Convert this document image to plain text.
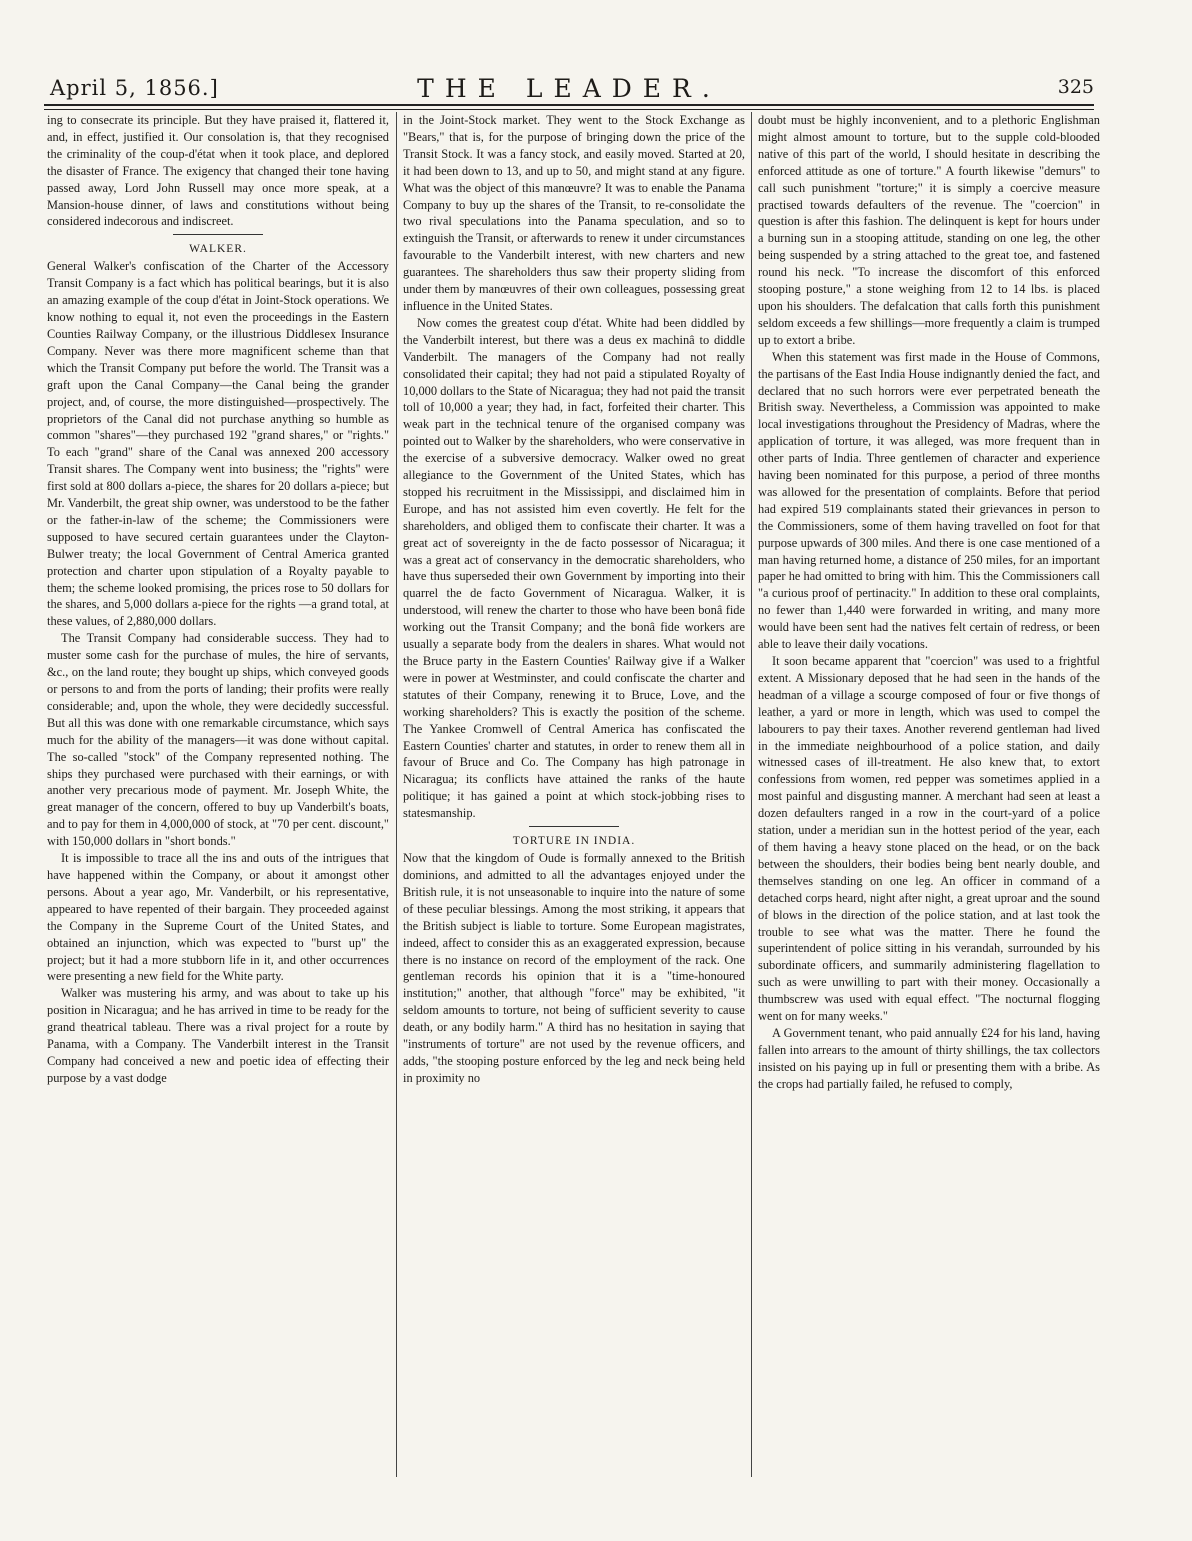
April 5, 1856.]	THE LEADER.	325

ing to consecrate its principle. But they have praised it, flattered it, and, in effect, justified it. Our consolation is, that they recognised the criminality of the coup-d'état when it took place, and deplored the disaster of France. The exigency that changed their tone having passed away, Lord John Russell may once more speak, at a Mansion-house dinner, of laws and constitutions without being considered indecorous and indiscreet.

WALKER.

General Walker's confiscation of the Charter of the Accessory Transit Company is a fact which has political bearings, but it is also an amazing example of the coup d'état in Joint-Stock operations. We know nothing to equal it, not even the proceedings in the Eastern Counties Railway Company, or the illustrious Diddlesex Insurance Company. Never was there more magnificent scheme than that which the Transit Company put before the world. The Transit was a graft upon the Canal Company—the Canal being the grander project, and, of course, the more distinguished—prospectively. The proprietors of the Canal did not purchase anything so humble as common "shares"—they purchased 192 "grand shares," or "rights." To each "grand" share of the Canal was annexed 200 accessory Transit shares. The Company went into business; the "rights" were first sold at 800 dollars a-piece, the shares for 20 dollars a-piece; but Mr. Vanderbilt, the great ship owner, was understood to be the father or the father-in-law of the scheme; the Commissioners were supposed to have secured certain guarantees under the Clayton-Bulwer treaty; the local Government of Central America granted protection and charter upon stipulation of a Royalty payable to them; the scheme looked promising, the prices rose to 50 dollars for the shares, and 5,000 dollars a-piece for the rights —a grand total, at these values, of 2,880,000 dollars.

The Transit Company had considerable success. They had to muster some cash for the purchase of mules, the hire of servants, &c., on the land route; they bought up ships, which conveyed goods or persons to and from the ports of landing; their profits were really considerable; and, upon the whole, they were decidedly successful. But all this was done with one remarkable circumstance, which says much for the ability of the managers—it was done without capital. The so-called "stock" of the Company represented nothing. The ships they purchased were purchased with their earnings, or with another very precarious mode of payment. Mr. Joseph White, the great manager of the concern, offered to buy up Vanderbilt's boats, and to pay for them in 4,000,000 of stock, at "70 per cent. discount," with 150,000 dollars in "short bonds."

It is impossible to trace all the ins and outs of the intrigues that have happened within the Company, or about it amongst other persons. About a year ago, Mr. Vanderbilt, or his representative, appeared to have repented of their bargain. They proceeded against the Company in the Supreme Court of the United States, and obtained an injunction, which was expected to "burst up" the project; but it had a more stubborn life in it, and other occurrences were presenting a new field for the White party.

Walker was mustering his army, and was about to take up his position in Nicaragua; and he has arrived in time to be ready for the grand theatrical tableau. There was a rival project for a route by Panama, with a Company. The Vanderbilt interest in the Transit Company had conceived a new and poetic idea of effecting their purpose by a vast dodge

in the Joint-Stock market. They went to the Stock Exchange as "Bears," that is, for the purpose of bringing down the price of the Transit Stock. It was a fancy stock, and easily moved. Started at 20, it had been down to 13, and up to 50, and might stand at any figure. What was the object of this manœuvre? It was to enable the Panama Company to buy up the shares of the Transit, to re-consolidate the two rival speculations into the Panama speculation, and so to extinguish the Transit, or afterwards to renew it under circumstances favourable to the Vanderbilt interest, with new charters and new guarantees. The shareholders thus saw their property sliding from under them by manœuvres of their own colleagues, possessing great influence in the United States.

Now comes the greatest coup d'état. White had been diddled by the Vanderbilt interest, but there was a deus ex machinâ to diddle Vanderbilt. The managers of the Company had not really consolidated their capital; they had not paid a stipulated Royalty of 10,000 dollars to the State of Nicaragua; they had not paid the transit toll of 10,000 a year; they had, in fact, forfeited their charter. This weak part in the technical tenure of the organised company was pointed out to Walker by the shareholders, who were conservative in the exercise of a subversive democracy. Walker owed no great allegiance to the Government of the United States, which has stopped his recruitment in the Mississippi, and disclaimed him in Europe, and has not assisted him even covertly. He felt for the shareholders, and obliged them to confiscate their charter. It was a great act of sovereignty in the de facto possessor of Nicaragua; it was a great act of conservancy in the democratic shareholders, who have thus superseded their own Government by importing into their quarrel the de facto Government of Nicaragua. Walker, it is understood, will renew the charter to those who have been bonâ fide working out the Transit Company; and the bonâ fide workers are usually a separate body from the dealers in shares. What would not the Bruce party in the Eastern Counties' Railway give if a Walker were in power at Westminster, and could confiscate the charter and statutes of their Company, renewing it to Bruce, Love, and the working shareholders? This is exactly the position of the scheme. The Yankee Cromwell of Central America has confiscated the Eastern Counties' charter and statutes, in order to renew them all in favour of Bruce and Co. The Company has high patronage in Nicaragua; its conflicts have attained the ranks of the haute politique; it has gained a point at which stock-jobbing rises to statesmanship.

TORTURE IN INDIA.

Now that the kingdom of Oude is formally annexed to the British dominions, and admitted to all the advantages enjoyed under the British rule, it is not unseasonable to inquire into the nature of some of these peculiar blessings. Among the most striking, it appears that the British subject is liable to torture. Some European magistrates, indeed, affect to consider this as an exaggerated expression, because there is no instance on record of the employment of the rack. One gentleman records his opinion that it is a "time-honoured institution;" another, that although "force" may be exhibited, "it seldom amounts to torture, not being of sufficient severity to cause death, or any bodily harm." A third has no hesitation in saying that "instruments of torture" are not used by the revenue officers, and adds, "the stooping posture enforced by the leg and neck being held in proximity no

doubt must be highly inconvenient, and to a plethoric Englishman might almost amount to torture, but to the supple cold-blooded native of this part of the world, I should hesitate in describing the enforced attitude as one of torture." A fourth likewise "demurs" to call such punishment "torture;" it is simply a coercive measure practised towards defaulters of the revenue. The "coercion" in question is after this fashion. The delinquent is kept for hours under a burning sun in a stooping attitude, standing on one leg, the other being suspended by a string attached to the great toe, and fastened round his neck. "To increase the discomfort of this enforced stooping posture," a stone weighing from 12 to 14 lbs. is placed upon his shoulders. The defalcation that calls forth this punishment seldom exceeds a few shillings—more frequently a claim is trumped up to extort a bribe.

When this statement was first made in the House of Commons, the partisans of the East India House indignantly denied the fact, and declared that no such horrors were ever perpetrated beneath the British sway. Nevertheless, a Commission was appointed to make local investigations throughout the Presidency of Madras, where the application of torture, it was alleged, was more frequent than in other parts of India. Three gentlemen of character and experience having been nominated for this purpose, a period of three months was allowed for the presentation of complaints. Before that period had expired 519 complainants stated their grievances in person to the Commissioners, some of them having travelled on foot for that purpose upwards of 300 miles. And there is one case mentioned of a man having returned home, a distance of 250 miles, for an important paper he had omitted to bring with him. This the Commissioners call "a curious proof of pertinacity." In addition to these oral complaints, no fewer than 1,440 were forwarded in writing, and many more would have been sent had the natives felt certain of redress, or been able to leave their daily vocations.

It soon became apparent that "coercion" was used to a frightful extent. A Missionary deposed that he had seen in the hands of the headman of a village a scourge composed of four or five thongs of leather, a yard or more in length, which was used to compel the labourers to pay their taxes. Another reverend gentleman had lived in the immediate neighbourhood of a police station, and daily witnessed cases of ill-treatment. He also knew that, to extort confessions from women, red pepper was sometimes applied in a most painful and disgusting manner. A merchant had seen at least a dozen defaulters ranged in a row in the court-yard of a police station, under a meridian sun in the hottest period of the year, each of them having a heavy stone placed on the head, or on the back between the shoulders, their bodies being bent nearly double, and themselves standing on one leg. An officer in command of a detached corps heard, night after night, a great uproar and the sound of blows in the direction of the police station, and at last took the trouble to see what was the matter. There he found the superintendent of police sitting in his verandah, surrounded by his subordinate officers, and summarily administering flagellation to such as were unwilling to part with their money. Occasionally a thumbscrew was used with equal effect. "The nocturnal flogging went on for many weeks."

A Government tenant, who paid annually £24 for his land, having fallen into arrears to the amount of thirty shillings, the tax collectors insisted on his paying up in full or presenting them with a bribe. As the crops had partially failed, he refused to comply,
